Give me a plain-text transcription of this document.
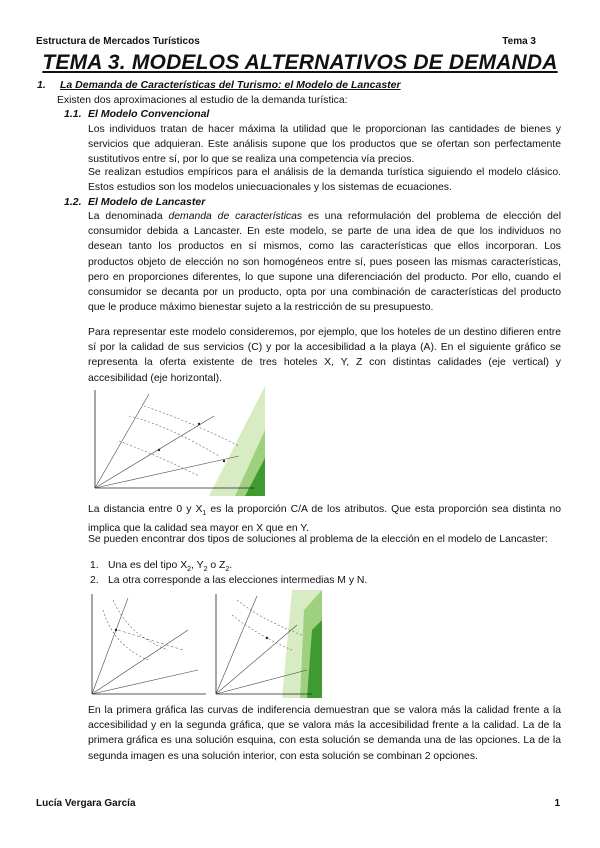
Estructura de Mercados Turísticos	Tema 3
TEMA 3. MODELOS ALTERNATIVOS DE DEMANDA
1. La Demanda de Características del Turismo: el Modelo de Lancaster
Existen dos aproximaciones al estudio de la demanda turística:
1.1. El Modelo Convencional
Los individuos tratan de hacer máxima la utilidad que le proporcionan las cantidades de bienes y servicios que adquieran. Este análisis supone que los productos que se ofertan son perfectamente sustitutivos entre sí, por lo que se realiza una competencia vía precios.
Se realizan estudios empíricos para el análisis de la demanda turística siguiendo el modelo clásico. Estos estudios son los modelos uniecuacionales y los sistemas de ecuaciones.
1.2. El Modelo de Lancaster
La denominada demanda de características es una reformulación del problema de elección del consumidor debida a Lancaster. En este modelo, se parte de una idea de que los individuos no desean tanto los productos en sí mismos, como las características que ellos incorporan. Los productos objeto de elección no son homogéneos entre sí, pues poseen las mismas características, pero en proporciones diferentes, lo que supone una diferenciación del producto. Por ello, cuando el consumidor se decanta por un producto, opta por una combinación de características del producto que le produce máximo bienestar sujeto a la restricción de su presupuesto.
Para representar este modelo consideremos, por ejemplo, que los hoteles de un destino difieren entre sí por la calidad de sus servicios (C) y por la accesibilidad a la playa (A). En el siguiente gráfico se representa la oferta existente de tres hoteles X, Y, Z con distintas calidades (eje vertical) y accesibilidad (eje horizontal).
La distancia entre 0 y $X_1$ es la proporción C/A de los atributos. Que esta proporción sea distinta no implica que la calidad sea mayor en X que en Y.
Se pueden encontrar dos tipos de soluciones al problema de la elección en el modelo de Lancaster:
1. Una es del tipo $X_2$, $Y_2$ o $Z_2$.
2. La otra corresponde a las elecciones intermedias M y N.
En la primera gráfica las curvas de indiferencia demuestran que se valora más la calidad frente a la accesibilidad y en la segunda gráfica, que se valora más la accesibilidad frente a la calidad. La de la primera gráfica es una solución esquina, con esta solución se demanda una de las opciones. La de la segunda imagen es una solución interior, con esta solución se combinan 2 opciones.
Lucía Vergara García	1
